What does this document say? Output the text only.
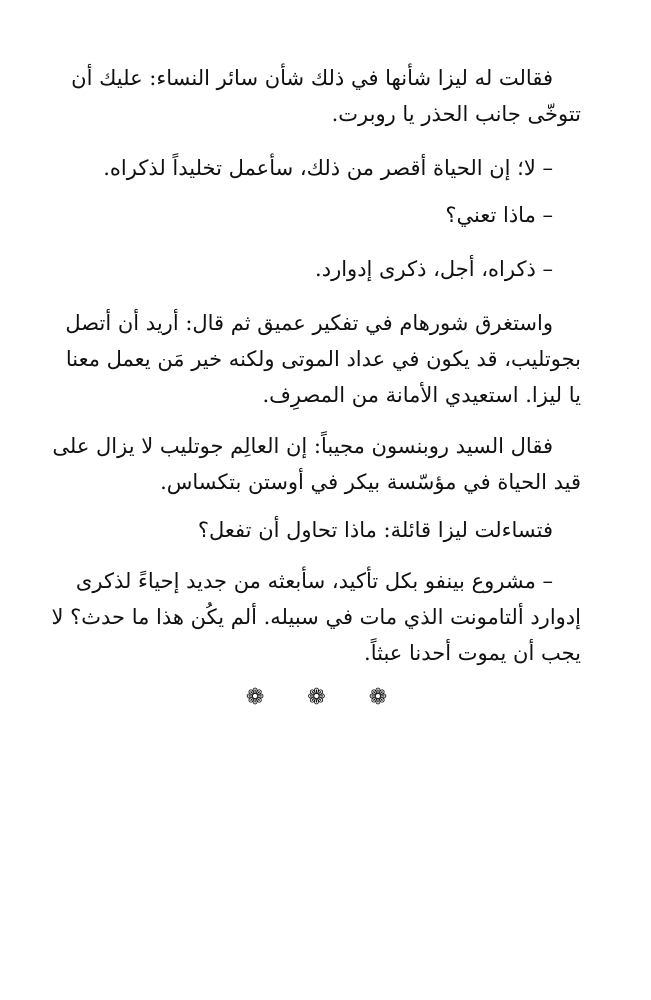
فقالت له ليزا شأنها في ذلك شأن سائر النساء: عليك أن
تتوخّى جانب الحذر يا روبرت.

– لا؛ إن الحياة أقصر من ذلك، سأعمل تخليداً لذكراه.

– ماذا تعني؟

– ذكراه، أجل، ذكرى إدوارد.

واستغرق شورهام في تفكير عميق ثم قال: أريد أن أتصل
بجوتليب، قد يكون في عداد الموتى ولكنه خير مَن يعمل معنا
يا ليزا. استعيدي الأمانة من المصرِف.

فقال السيد روبنسون مجيباً: إن العالِم جوتليب لا يزال على
قيد الحياة في مؤسّسة بيكر في أوستن بتكساس.

فتساءلت ليزا قائلة: ماذا تحاول أن تفعل؟

– مشروع بينفو بكل تأكيد، سأبعثه من جديد إحياءً لذكرى
إدوارد ألتامونت الذي مات في سبيله. ألم يكُن هذا ما حدث؟ لا
يجب أن يموت أحدنا عبثاً.

❁ ❁ ❁
